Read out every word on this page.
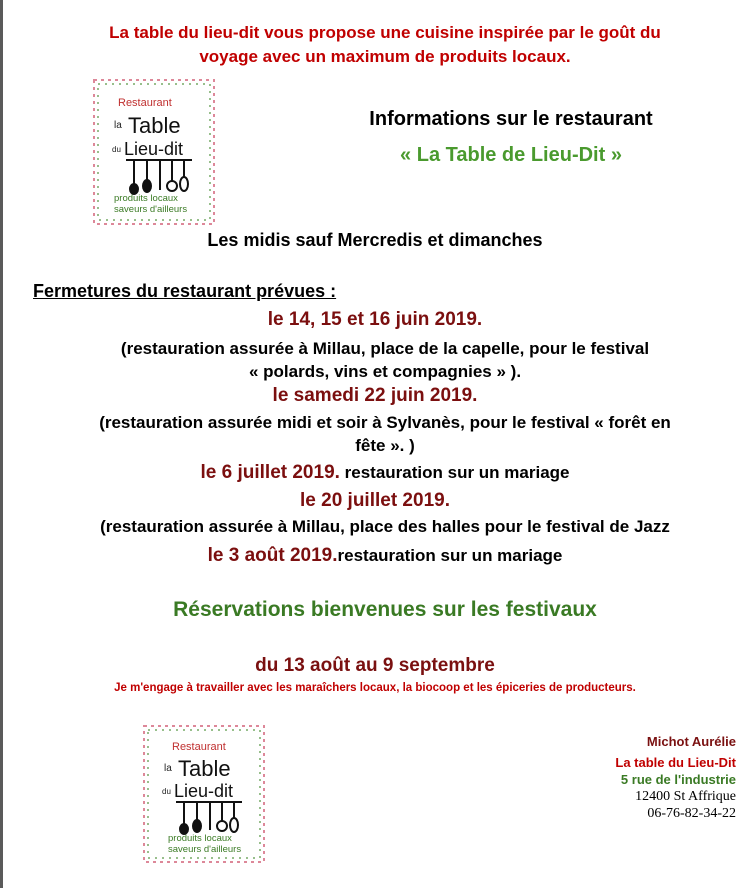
La table du lieu-dit vous propose une cuisine inspirée par le goût du
voyage avec un maximum de produits locaux.
Restaurant
la Table
du Lieu-dit
produits locaux
saveurs d'ailleurs
Informations sur le restaurant
« La Table de Lieu-Dit »
Les midis sauf Mercredis et dimanches
Fermetures du restaurant prévues :
le 14, 15 et 16 juin 2019.
(restauration assurée à Millau, place de la capelle, pour le festival
« polards, vins et compagnies » ).
le samedi 22 juin 2019.
(restauration assurée midi et soir à Sylvanès, pour le festival « forêt en
fête ». )
le 6 juillet 2019. restauration sur un mariage
le 20 juillet 2019.
(restauration assurée à Millau, place des halles pour le festival de Jazz
le 3 août 2019.restauration sur un mariage
Réservations bienvenues sur les festivaux
du 13 août au 9 septembre
Je m'engage à travailler avec les maraîchers locaux, la biocoop et les épiceries de producteurs.
Restaurant
la Table
du Lieu-dit
produits locaux
saveurs d'ailleurs
Michot Aurélie
La table du Lieu-Dit
5 rue de l'industrie
12400 St Affrique
06-76-82-34-22
